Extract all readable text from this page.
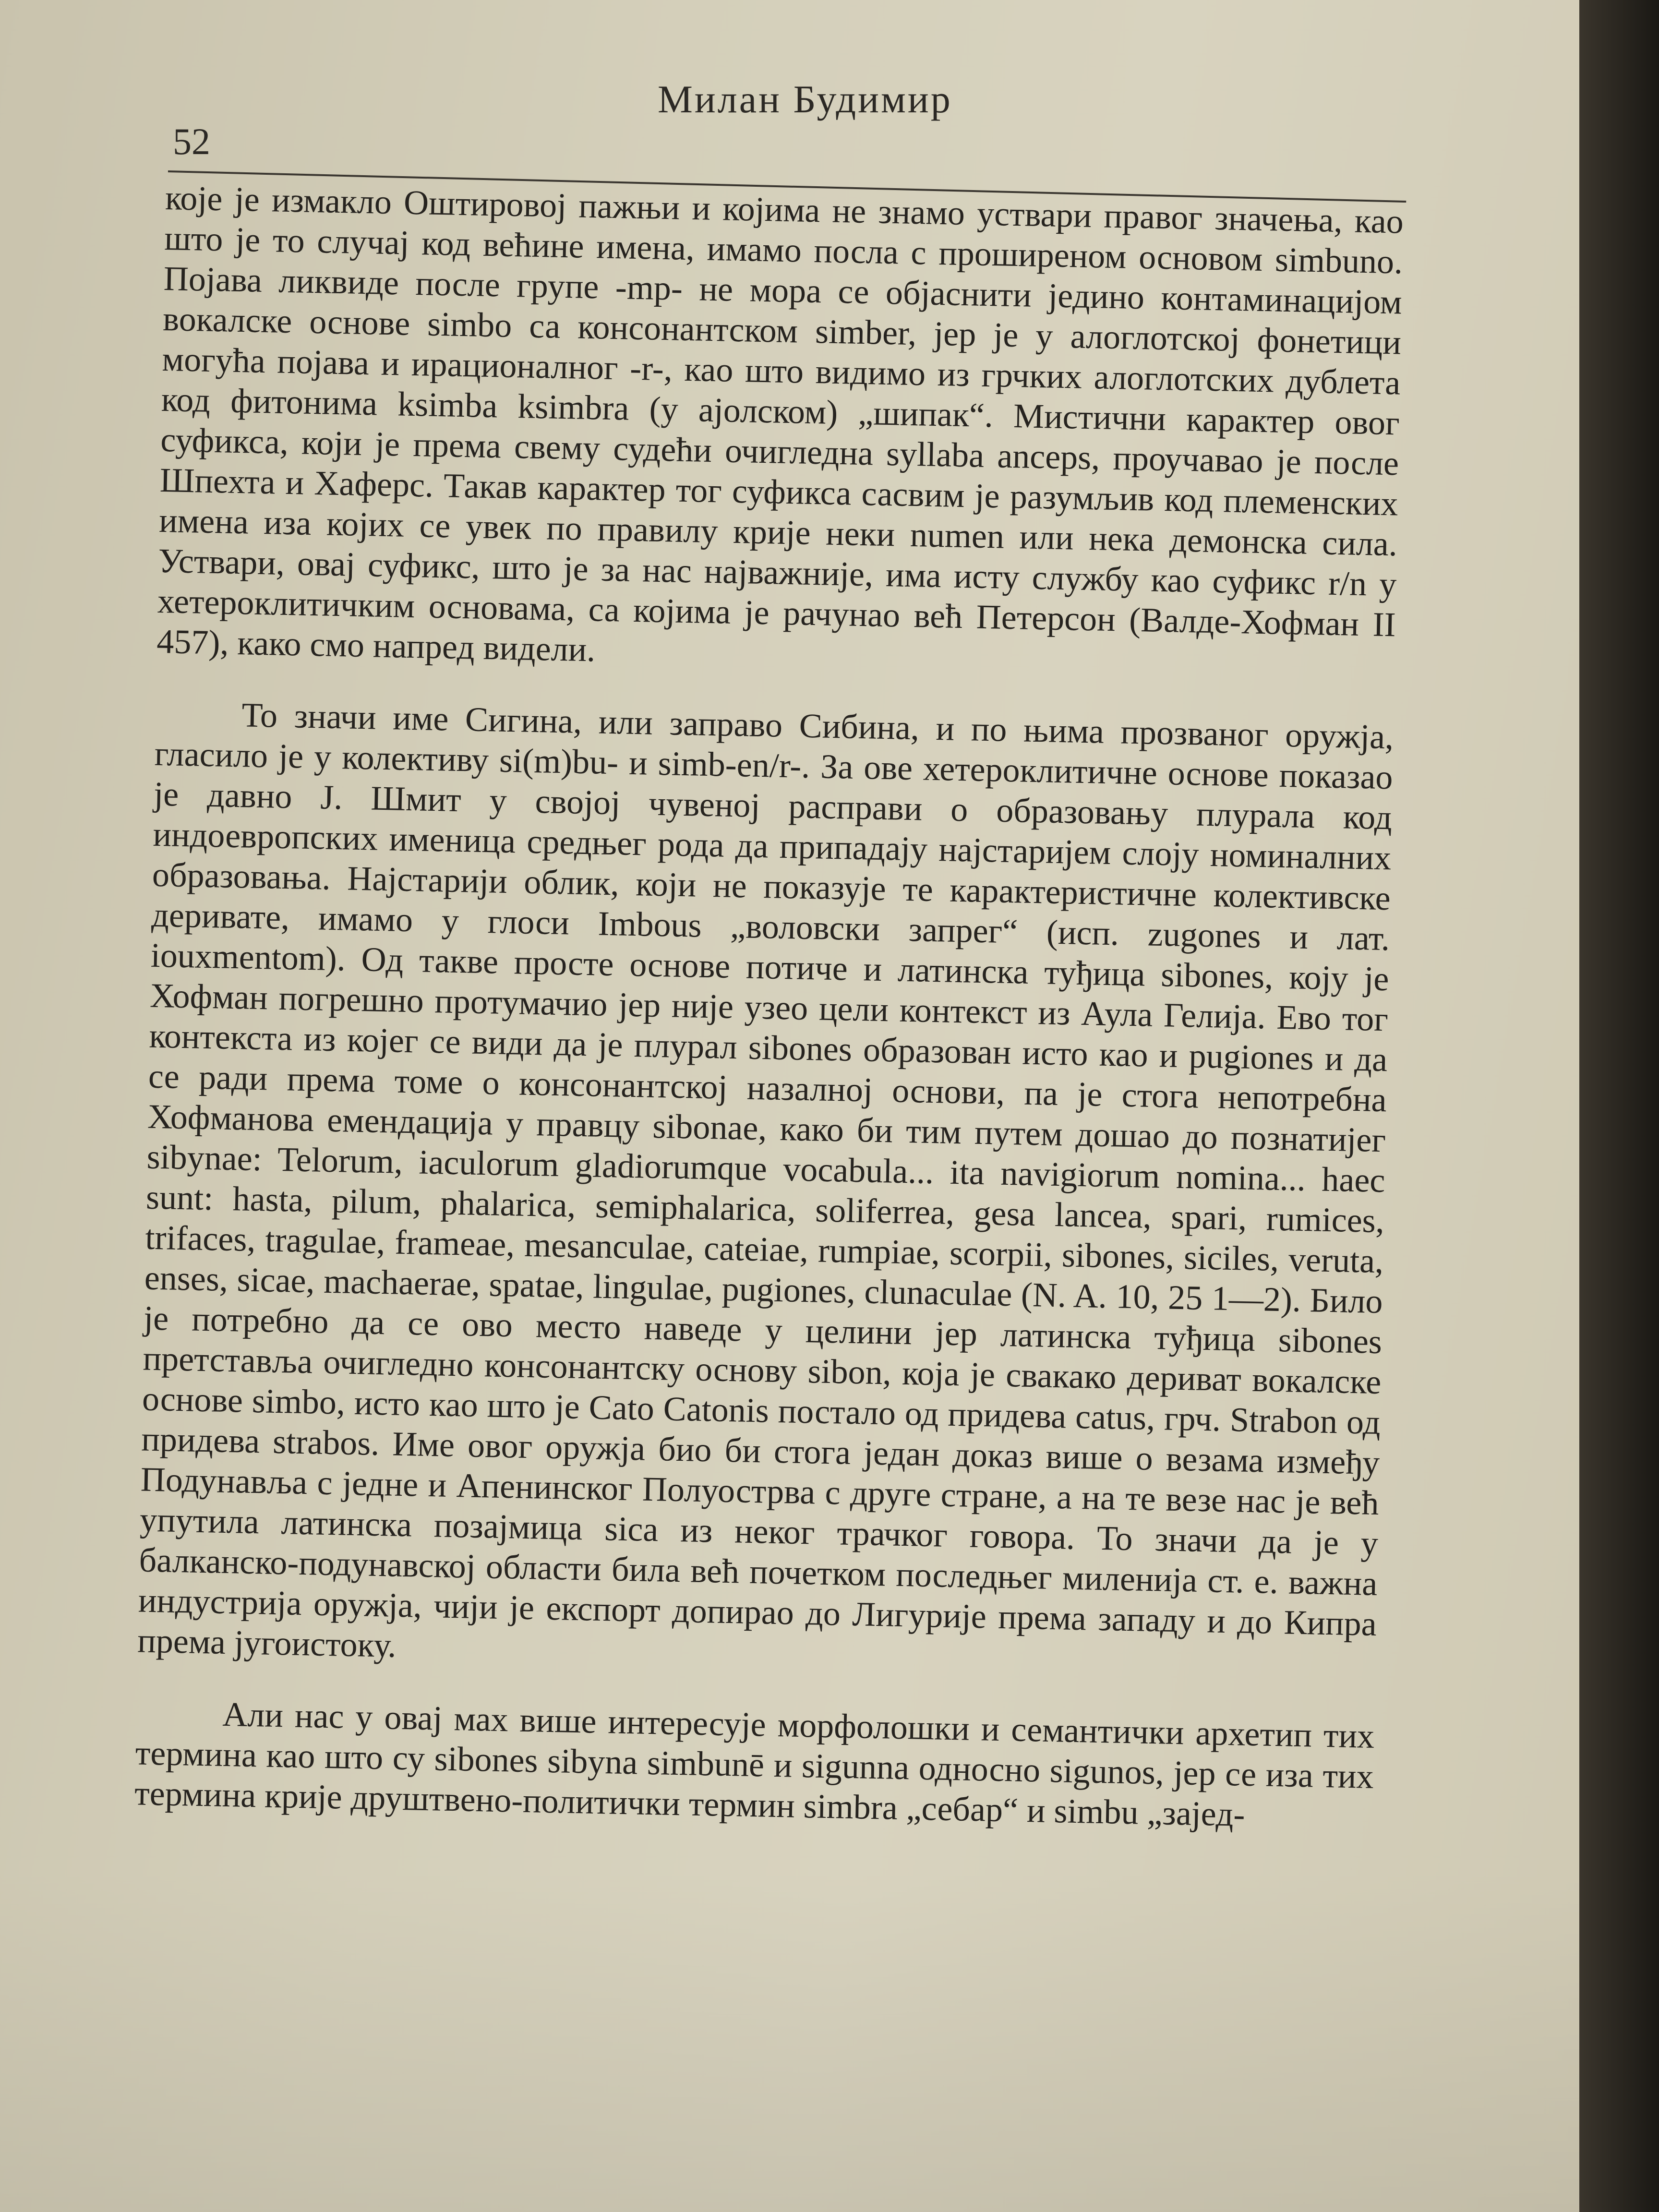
Милан Будимир
52

које је измакло Оштировој пажњи и којима не знамо уствари правог значења, као што је то случај код већине имена, имамо посла с проширеном основом simbuno. Појава ликвиде после групе -mp- не мора се објаснити једино контаминацијом вокалске основе simbo са консонантском simber, јер је у алоглотској фонетици могућа појава и ирационалног -r-, као што видимо из грчких алоглотских дублета код фитонима ksimba ksimbra (у ајолском) „шипак“. Мистични карактер овог суфикса, који је према свему судећи очигледна syllaba anceps, проучавао је после Шпехта и Хаферс. Такав карактер тог суфикса сасвим је разумљив код племенских имена иза којих се увек по правилу крије неки numen или нека демонска сила. Уствари, овај суфикс, што је за нас најважније, има исту службу као суфикс r/n у хетероклитичким основама, са којима је рачунао већ Петерсон (Валде-Хофман II 457), како смо напред видели.

То значи име Сигина, или заправо Сибина, и по њима прозваног оружја, гласило је у колективу si(m)bu- и simb-en/r-. За ове хетероклитичне основе показао је давно J. Шмит у својој чувеној расправи о образовању плурала код индоевропских именица средњег рода да припадају најстаријем слоју номиналних образовања. Најстарији облик, који не показује те карактеристичне колективске деривате, имамо у глоси Imbous „воловски запрег“ (исп. zugones и лат. iouxmentom). Од такве просте основе потиче и латинска туђица sibones, коју је Хофман погрешно протумачио јер није узео цели контекст из Аула Гелија. Ево тог контекста из којег се види да је плурал sibones образован исто као и pugiones и да се ради према томе о консонантској назалној основи, па је стога непотребна Хофманова емендација у правцу sibonae, како би тим путем дошао до познатијег sibynae: Telorum, iaculorum gladiorumque vocabula... ita navigiorum nomina... haec sunt: hasta, pilum, phalarica, semiphalarica, soliferrea, gesa lancea, spari, rumices, trifaces, tragulae, frameae, mesanculae, cateiae, rumpiae, scorpii, sibones, siciles, veruta, enses, sicae, machaerae, spatae, lingulae, pugiones, clunaculae (N. A. 10, 25 1—2). Било је потребно да се ово место наведе у целини јер латинска туђица sibones претставља очигледно консонантску основу sibon, која је свакако дериват вокалске основе simbo, исто као што је Cato Catonis постало од придева catus, грч. Strabon од придева strabos. Име овог оружја био би стога један доказ више о везама између Подунавља с једне и Апенинског Полуострва с друге стране, а на те везе нас је већ упутила латинска позајмица sica из неког трачког говора. То значи да је у балканско-подунавској области била већ почетком последњег миленија ст. е. важна индустрија оружја, чији је експорт допирао до Лигурије према западу и до Кипра према југоистоку.

Али нас у овај мах више интересује морфолошки и семантички архетип тих термина као што су sibones sibyna simbunē и sigunna односно sigunos, јер се иза тих термина крије друштвено-политички термин simbra „себар“ и simbu „зајед-
